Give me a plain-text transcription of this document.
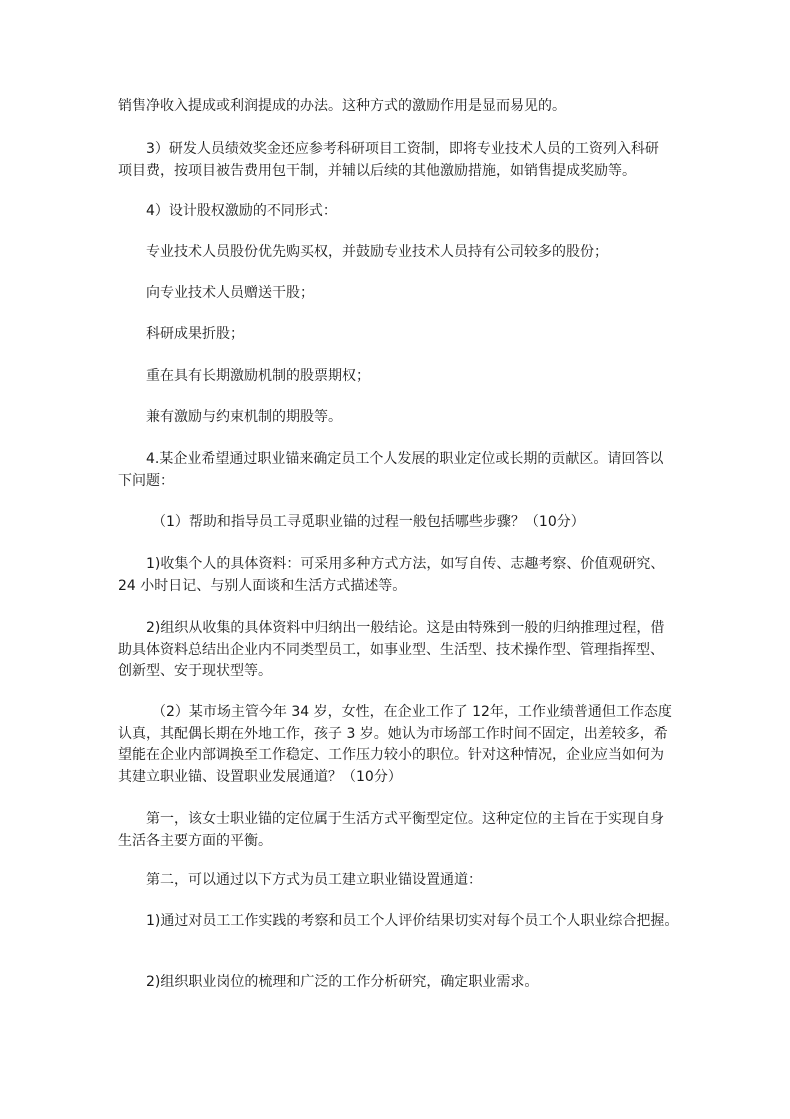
销售净收入提成或利润提成的办法。这种方式的激励作用是显而易见的。
3）研发人员绩效奖金还应参考科研项目工资制，即将专业技术人员的工资列入科研
项目费，按项目被告费用包干制，并辅以后续的其他激励措施，如销售提成奖励等。
4）设计股权激励的不同形式：
专业技术人员股份优先购买权，并鼓励专业技术人员持有公司较多的股份；
向专业技术人员赠送干股；
科研成果折股；
重在具有长期激励机制的股票期权；
兼有激励与约束机制的期股等。
4.某企业希望通过职业锚来确定员工个人发展的职业定位或长期的贡献区。请回答以
下问题：
（1）帮助和指导员工寻觅职业锚的过程一般包括哪些步骤？（10分）
1)收集个人的具体资料：可采用多种方式方法，如写自传、志趣考察、价值观研究、
24 小时日记、与别人面谈和生活方式描述等。
2)组织从收集的具体资料中归纳出一般结论。这是由特殊到一般的归纳推理过程，借
助具体资料总结出企业内不同类型员工，如事业型、生活型、技术操作型、管理指挥型、
创新型、安于现状型等。
（2）某市场主管今年 34 岁，女性，在企业工作了 12年，工作业绩普通但工作态度
认真，其配偶长期在外地工作，孩子 3 岁。她认为市场部工作时间不固定，出差较多，希
望能在企业内部调换至工作稳定、工作压力较小的职位。针对这种情况，企业应当如何为
其建立职业锚、设置职业发展通道？（10分）
第一，该女士职业锚的定位属于生活方式平衡型定位。这种定位的主旨在于实现自身
生活各主要方面的平衡。
第二，可以通过以下方式为员工建立职业锚设置通道：
1)通过对员工工作实践的考察和员工个人评价结果切实对每个员工个人职业综合把握。
2)组织职业岗位的梳理和广泛的工作分析研究，确定职业需求。
